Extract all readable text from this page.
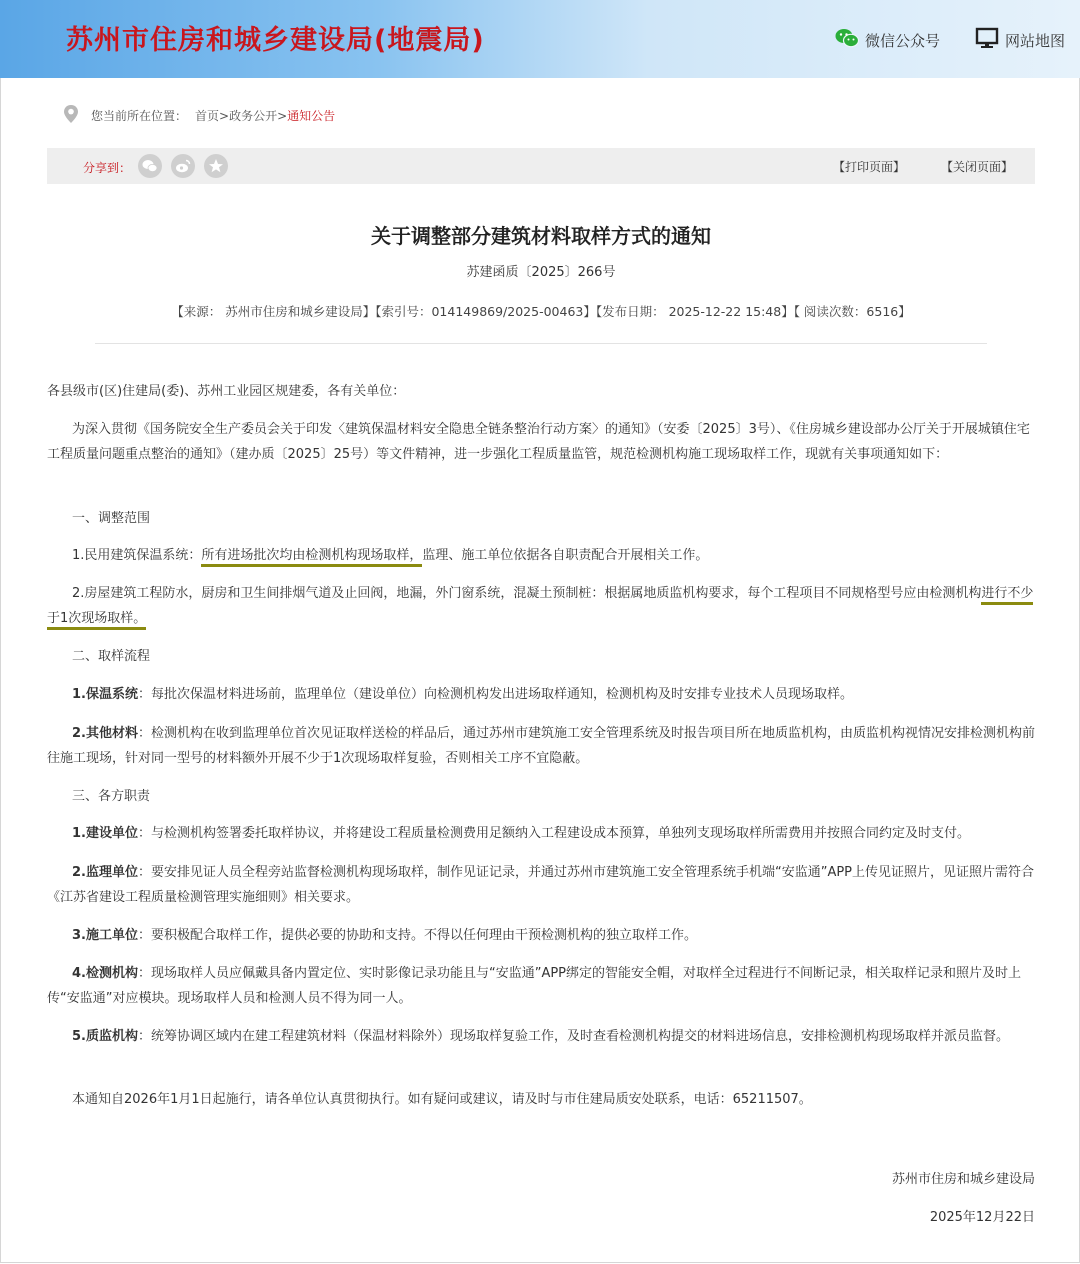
苏州市住房和城乡建设局(地震局)	微信公众号	网站地图
您当前所在位置： 首页 > 政务公开 > 通知公告
分享到：	【打印页面】	【关闭页面】
关于调整部分建筑材料取样方式的通知
苏建函质〔2025〕266号
【来源： 苏州市住房和城乡建设局】【索引号：014149869/2025-00463】【发布日期： 2025-12-22 15:48】【 阅读次数：6516】
各县级市(区)住建局(委)、苏州工业园区规建委，各有关单位：
为深入贯彻《国务院安全生产委员会关于印发〈建筑保温材料安全隐患全链条整治行动方案〉的通知》（安委〔2025〕3号）、《住房城乡建设部办公厅关于开展城镇住宅工程质量问题重点整治的通知》（建办质〔2025〕25号）等文件精神，进一步强化工程质量监管，规范检测机构施工现场取样工作，现就有关事项通知如下：
一、调整范围
1.民用建筑保温系统：所有进场批次均由检测机构现场取样，监理、施工单位依据各自职责配合开展相关工作。
2.房屋建筑工程防水，厨房和卫生间排烟气道及止回阀，地漏，外门窗系统，混凝土预制桩：根据属地质监机构要求，每个工程项目不同规格型号应由检测机构进行不少于1次现场取样。
二、取样流程
1.保温系统：每批次保温材料进场前，监理单位（建设单位）向检测机构发出进场取样通知，检测机构及时安排专业技术人员现场取样。
2.其他材料：检测机构在收到监理单位首次见证取样送检的样品后，通过苏州市建筑施工安全管理系统及时报告项目所在地质监机构，由质监机构视情况安排检测机构前往施工现场，针对同一型号的材料额外开展不少于1次现场取样复验，否则相关工序不宜隐蔽。
三、各方职责
1.建设单位：与检测机构签署委托取样协议，并将建设工程质量检测费用足额纳入工程建设成本预算，单独列支现场取样所需费用并按照合同约定及时支付。
2.监理单位：要安排见证人员全程旁站监督检测机构现场取样，制作见证记录，并通过苏州市建筑施工安全管理系统手机端“安监通”APP上传见证照片，见证照片需符合《江苏省建设工程质量检测管理实施细则》相关要求。
3.施工单位：要积极配合取样工作，提供必要的协助和支持。不得以任何理由干预检测机构的独立取样工作。
4.检测机构：现场取样人员应佩戴具备内置定位、实时影像记录功能且与“安监通”APP绑定的智能安全帽，对取样全过程进行不间断记录，相关取样记录和照片及时上传“安监通”对应模块。现场取样人员和检测人员不得为同一人。
5.质监机构：统筹协调区域内在建工程建筑材料（保温材料除外）现场取样复验工作，及时查看检测机构提交的材料进场信息，安排检测机构现场取样并派员监督。
本通知自2026年1月1日起施行，请各单位认真贯彻执行。如有疑问或建议，请及时与市住建局质安处联系，电话：65211507。
苏州市住房和城乡建设局
2025年12月22日
